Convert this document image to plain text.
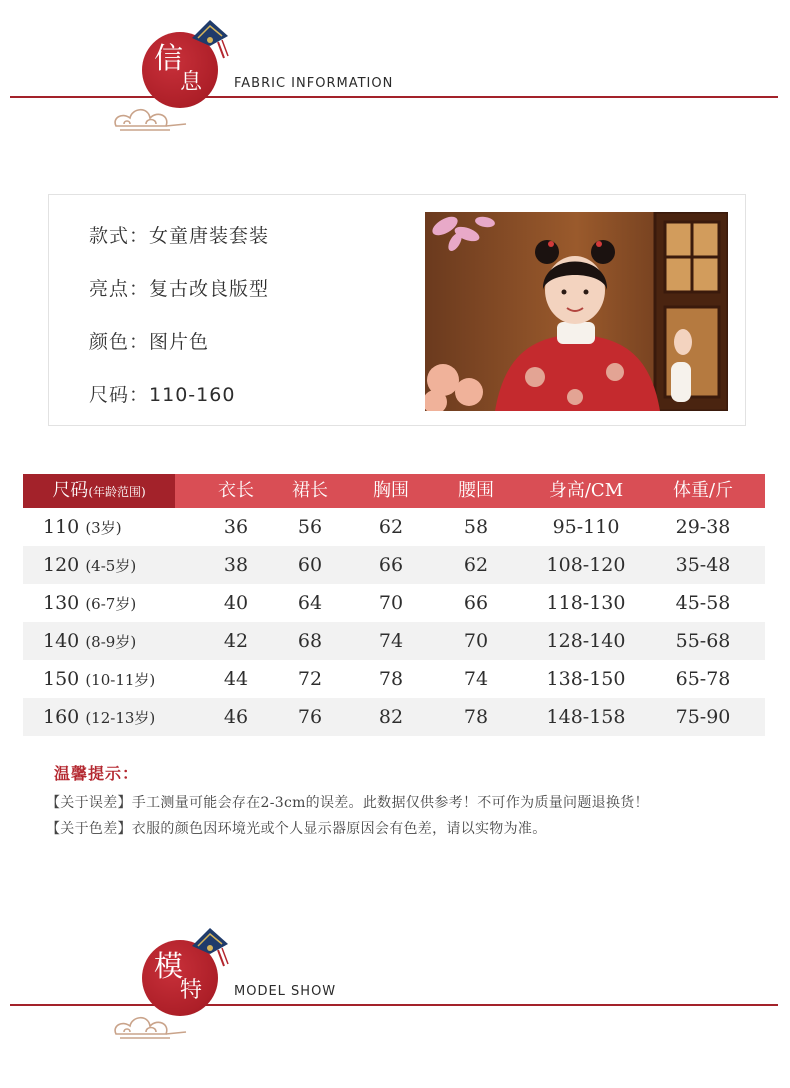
信
息 FABRIC INFORMATION
款式：女童唐装套装
亮点：复古改良版型
颜色：图片色
尺码：110-160
尺码(年龄范围)	衣长	裙长	胸围	腰围	身高/CM	体重/斤
110 (3岁)	36	56	62	58	95-110	29-38
120 (4-5岁)	38	60	66	62	108-120	35-48
130 (6-7岁)	40	64	70	66	118-130	45-58
140 (8-9岁)	42	68	74	70	128-140	55-68
150 (10-11岁)	44	72	78	74	138-150	65-78
160 (12-13岁)	46	76	82	78	148-158	75-90
温馨提示：
【关于误差】手工测量可能会存在2-3cm的误差。此数据仅供参考！不可作为质量问题退换货！
【关于色差】衣服的颜色因环境光或个人显示器原因会有色差，请以实物为准。
模
特 MODEL SHOW
